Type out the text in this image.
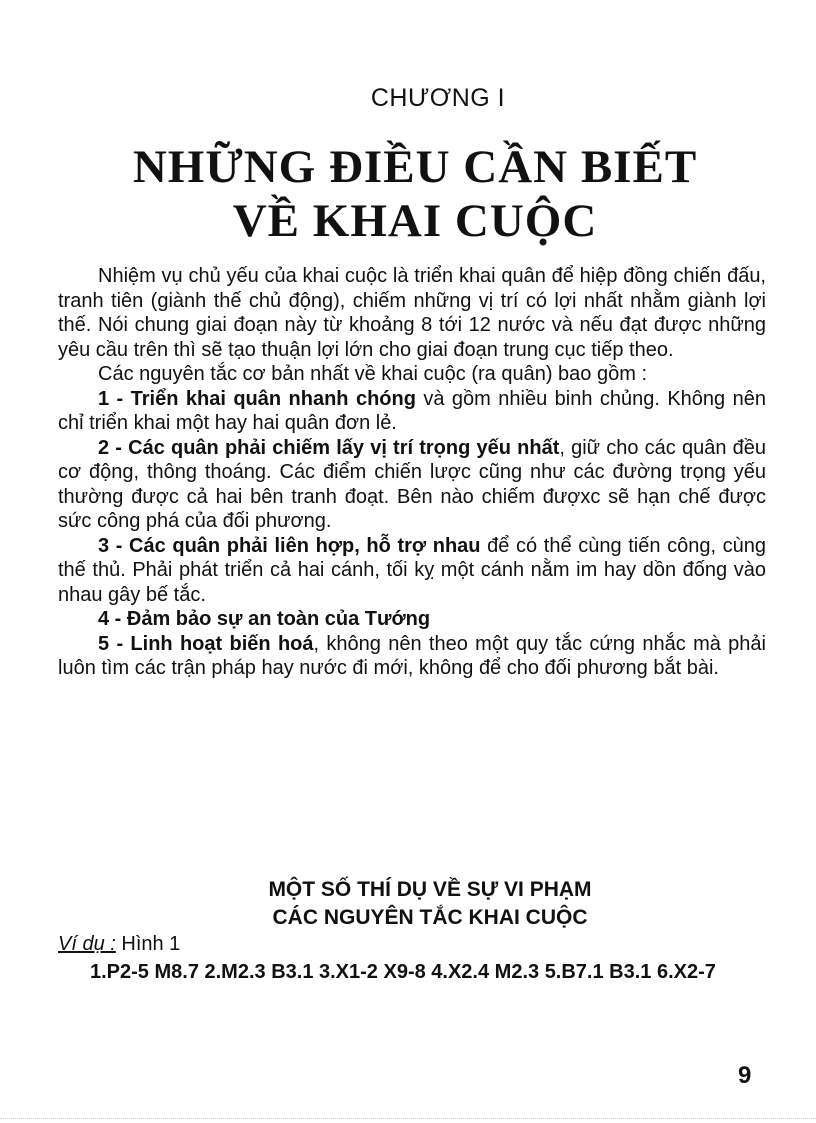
CHƯƠNG I
NHỮNG ĐIỀU CẦN BIẾT
VỀ KHAI CUỘC

Nhiệm vụ chủ yếu của khai cuộc là triển khai quân để hiệp đồng chiến đấu, tranh tiên (giành thế chủ động), chiếm những vị trí có lợi nhất nhằm giành lợi thế. Nói chung giai đoạn này từ khoảng 8 tới 12 nước và nếu đạt được những yêu cầu trên thì sẽ tạo thuận lợi lớn cho giai đoạn trung cục tiếp theo.

Các nguyên tắc cơ bản nhất về khai cuộc (ra quân) bao gồm :

1 - Triển khai quân nhanh chóng và gồm nhiều binh chủng. Không nên chỉ triển khai một hay hai quân đơn lẻ.

2 - Các quân phải chiếm lấy vị trí trọng yếu nhất, giữ cho các quân đều cơ động, thông thoáng. Các điểm chiến lược cũng như các đường trọng yếu thường được cả hai bên tranh đoạt. Bên nào chiếm đượxc sẽ hạn chế được sức công phá của đối phương.

3 - Các quân phải liên hợp, hỗ trợ nhau để có thể cùng tiến công, cùng thế thủ. Phải phát triển cả hai cánh, tối kỵ một cánh nằm im hay dồn đống vào nhau gây bế tắc.

4 - Đảm bảo sự an toàn của Tướng

5 - Linh hoạt biến hoá, không nên theo một quy tắc cứng nhắc mà phải luôn tìm các trận pháp hay nước đi mới, không để cho đối phương bắt bài.

MỘT SỐ THÍ DỤ VỀ SỰ VI PHẠM
CÁC NGUYÊN TẮC KHAI CUỘC

Ví dụ : Hình 1

1.P2-5 M8.7 2.M2.3 B3.1 3.X1-2 X9-8 4.X2.4 M2.3 5.B7.1 B3.1 6.X2-7

9
